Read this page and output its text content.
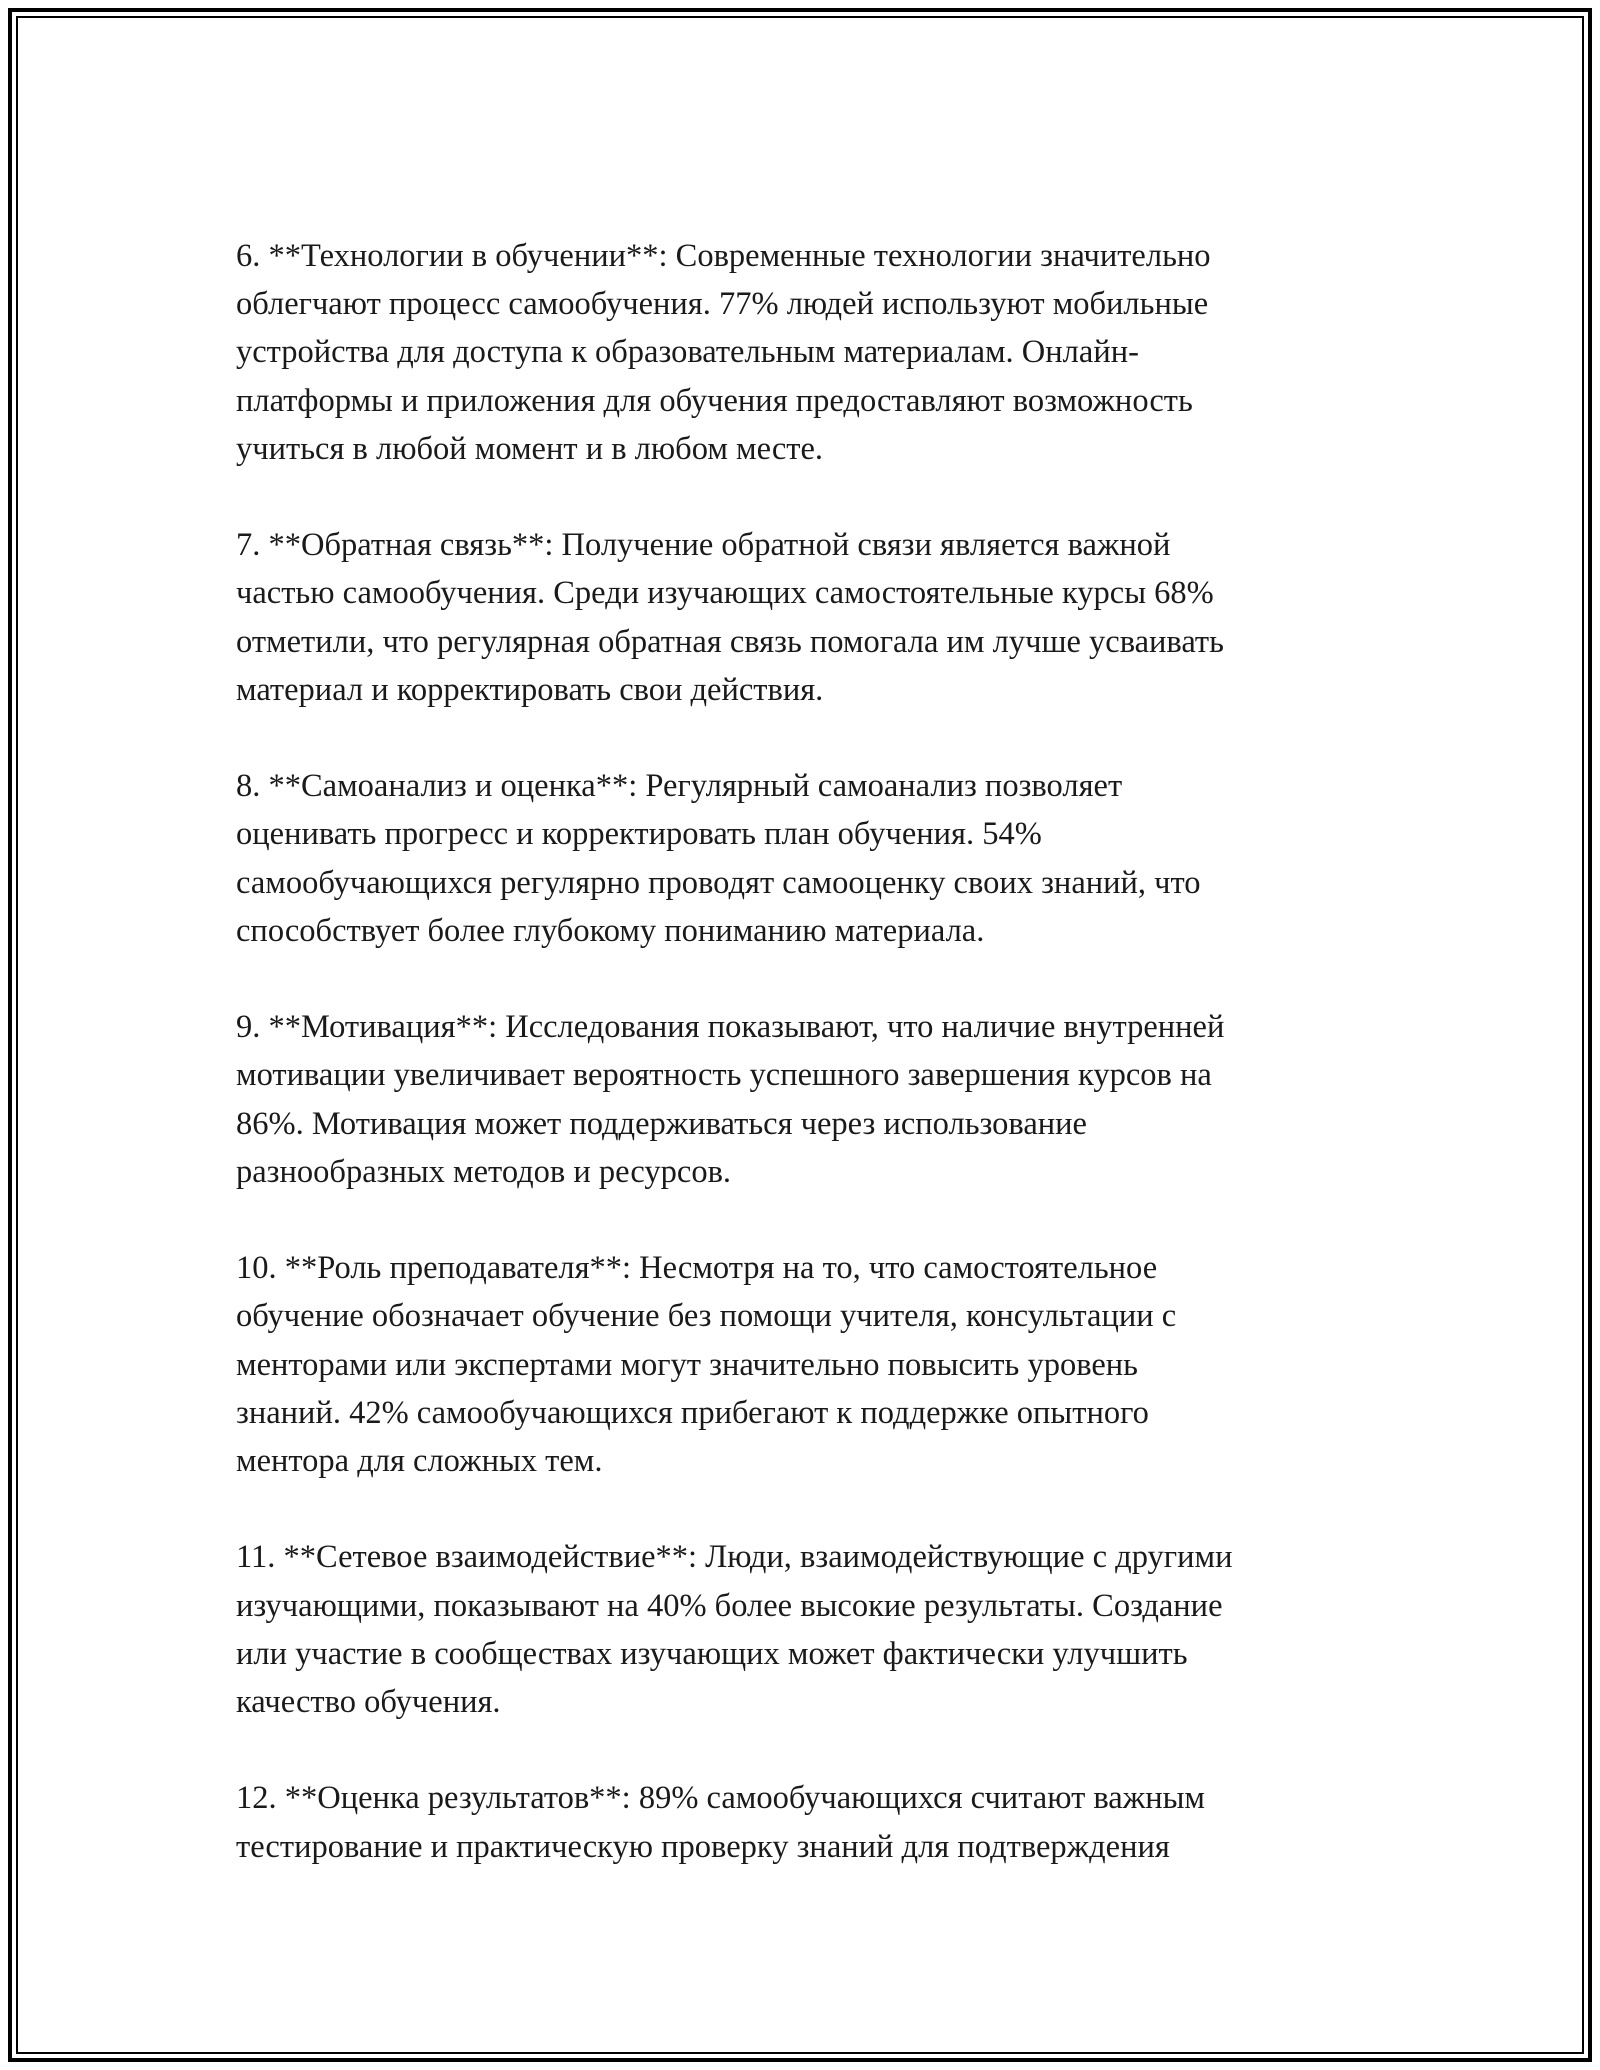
6. **Технологии в обучении**: Современные технологии значительно
облегчают процесс самообучения. 77% людей используют мобильные
устройства для доступа к образовательным материалам. Онлайн-
платформы и приложения для обучения предоставляют возможность
учиться в любой момент и в любом месте.

7. **Обратная связь**: Получение обратной связи является важной
частью самообучения. Среди изучающих самостоятельные курсы 68%
отметили, что регулярная обратная связь помогала им лучше усваивать
материал и корректировать свои действия.

8. **Самоанализ и оценка**: Регулярный самоанализ позволяет
оценивать прогресс и корректировать план обучения. 54%
самообучающихся регулярно проводят самооценку своих знаний, что
способствует более глубокому пониманию материала.

9. **Мотивация**: Исследования показывают, что наличие внутренней
мотивации увеличивает вероятность успешного завершения курсов на
86%. Мотивация может поддерживаться через использование
разнообразных методов и ресурсов.

10. **Роль преподавателя**: Несмотря на то, что самостоятельное
обучение обозначает обучение без помощи учителя, консультации с
менторами или экспертами могут значительно повысить уровень
знаний. 42% самообучающихся прибегают к поддержке опытного
ментора для сложных тем.

11. **Сетевое взаимодействие**: Люди, взаимодействующие с другими
изучающими, показывают на 40% более высокие результаты. Создание
или участие в сообществах изучающих может фактически улучшить
качество обучения.

12. **Оценка результатов**: 89% самообучающихся считают важным
тестирование и практическую проверку знаний для подтверждения
